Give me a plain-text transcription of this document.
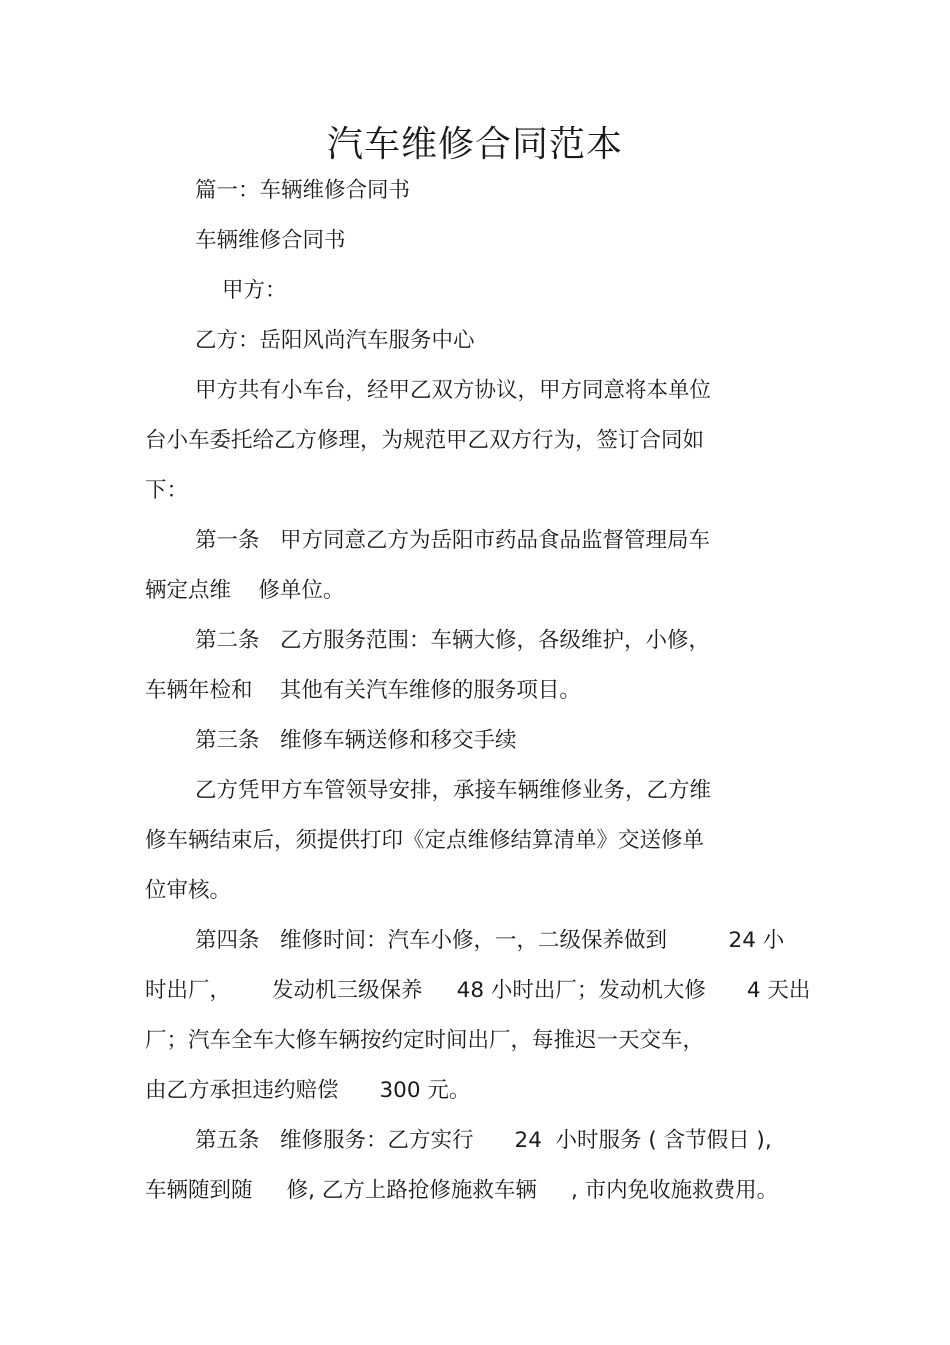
汽车维修合同范本

篇一：车辆维修合同书

车辆维修合同书

甲方：

乙方：岳阳风尚汽车服务中心

甲方共有小车台，经甲乙双方协议，甲方同意将本单位

台小车委托给乙方修理，为规范甲乙双方行为，签订合同如

下：

第一条   甲方同意乙方为岳阳市药品食品监督管理局车

辆定点维    修单位。

第二条   乙方服务范围：车辆大修，各级维护，小修，

车辆年检和    其他有关汽车维修的服务项目。

第三条   维修车辆送修和移交手续

乙方凭甲方车管领导安排，承接车辆维修业务，乙方维

修车辆结束后，须提供打印《定点维修结算清单》交送修单

位审核。

第四条   维修时间：汽车小修，一，二级保养做到         24 小

时出厂，      发动机三级保养     48 小时出厂；发动机大修      4 天出

厂；汽车全车大修车辆按约定时间出厂，每推迟一天交车，

由乙方承担违约赔偿      300 元。

第五条   维修服务：乙方实行      24  小时服务 ( 含节假日 ),

车辆随到随     修, 乙方上路抢修施救车辆     , 市内免收施救费用。
